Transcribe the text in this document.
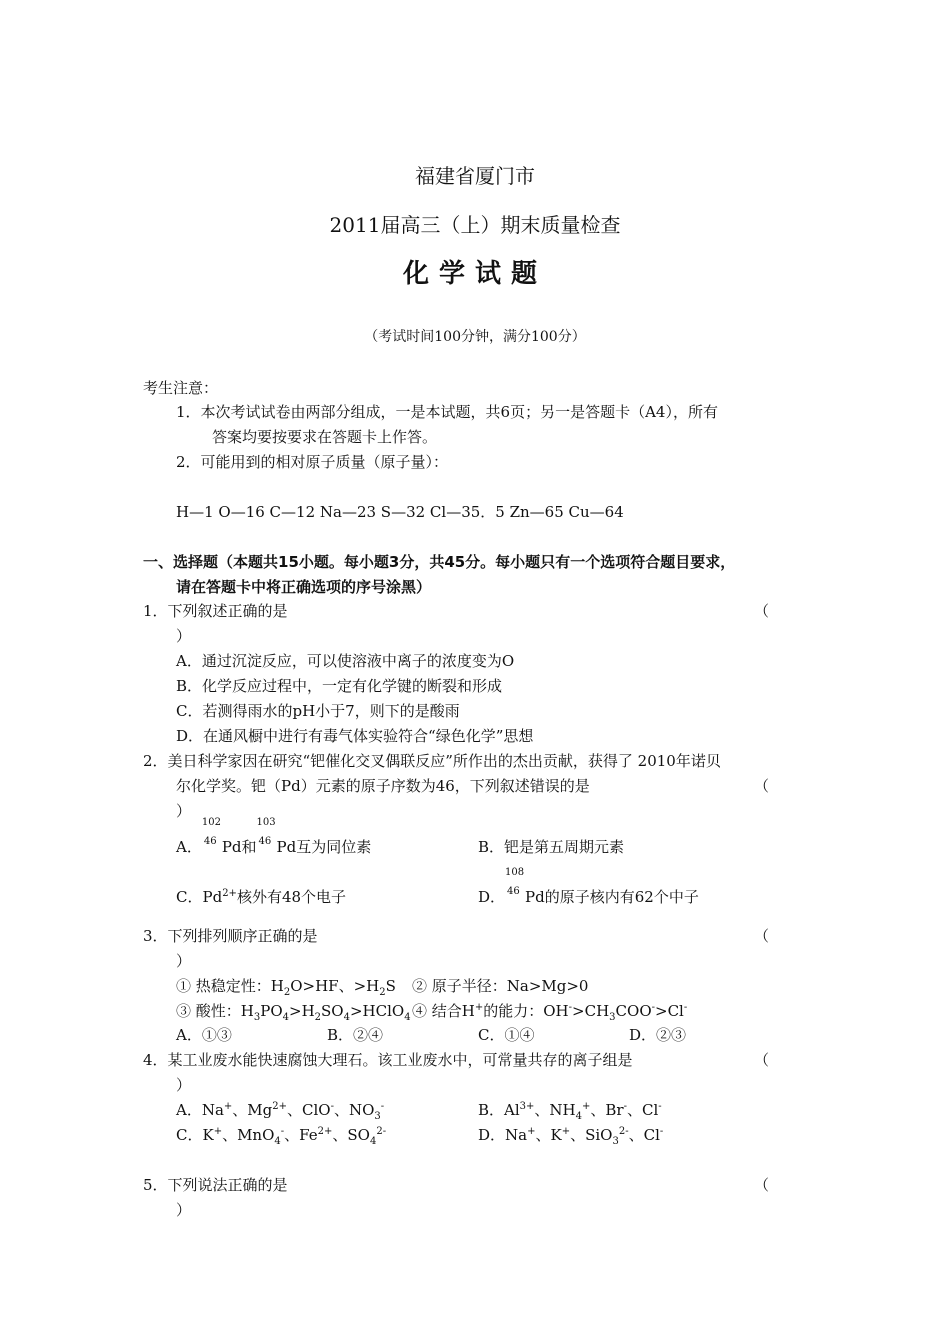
福建省厦门市
2011届高三（上）期末质量检查
化学试题
（考试时间100分钟，满分100分）
考生注意：
1．本次考试试卷由两部分组成，一是本试题，共6页；另一是答题卡（A4），所有
答案均要按要求在答题卡上作答。
2．可能用到的相对原子质量（原子量）：
H—1 O—16 C—12 Na—23 S—32 Cl—35．5 Zn—65 Cu—64
一、选择题（本题共15小题。每小题3分，共45分。每小题只有一个选项符合题目要求，
请在答题卡中将正确选项的序号涂黑）
1．下列叙述正确的是	（
）
A．通过沉淀反应，可以使溶液中离子的浓度变为O
B．化学反应过程中，一定有化学键的断裂和形成
C．若测得雨水的pH小于7，则下的是酸雨
D．在通风橱中进行有毒气体实验符合“绿色化学”思想
2．美日科学家因在研究“钯催化交叉偶联反应”所作出的杰出贡献，获得了 2010年诺贝
尔化学奖。钯（Pd）元素的原子序数为46，下列叙述错误的是	（
）
A．
102
46 Pd和
103
46 Pd互为同位素	B．钯是第五周期元素
C．$Pd^{2+}$核外有48个电子	D．
108
46 Pd的原子核内有62个中子
3．下列排列顺序正确的是	（
）
① 热稳定性：$H_2O>HF$、$>H_2S$ ② 原子半径：Na>Mg>0
③ 酸性：$H_3PO_4>H_2SO_4>HClO_4$ ④ 结合H+的能力：$OH^->CH_3COO^->Cl^-$
A．①③	B．②④	C．①④	D．②③
4．某工业废水能快速腐蚀大理石。该工业废水中，可常量共存的离子组是	（
）
A．Na+、$Mg^{2+}$、ClO-、$NO_3^-$	B．$Al^{3+}$、$NH_4^+$、Br-、Cl-
C．K+、MnO$_4$-、$Fe^{2+}$、$SO_4^{2-}$	D．Na+、K+、SiO$_3^{2-}$、Cl-
5．下列说法正确的是	（
）
